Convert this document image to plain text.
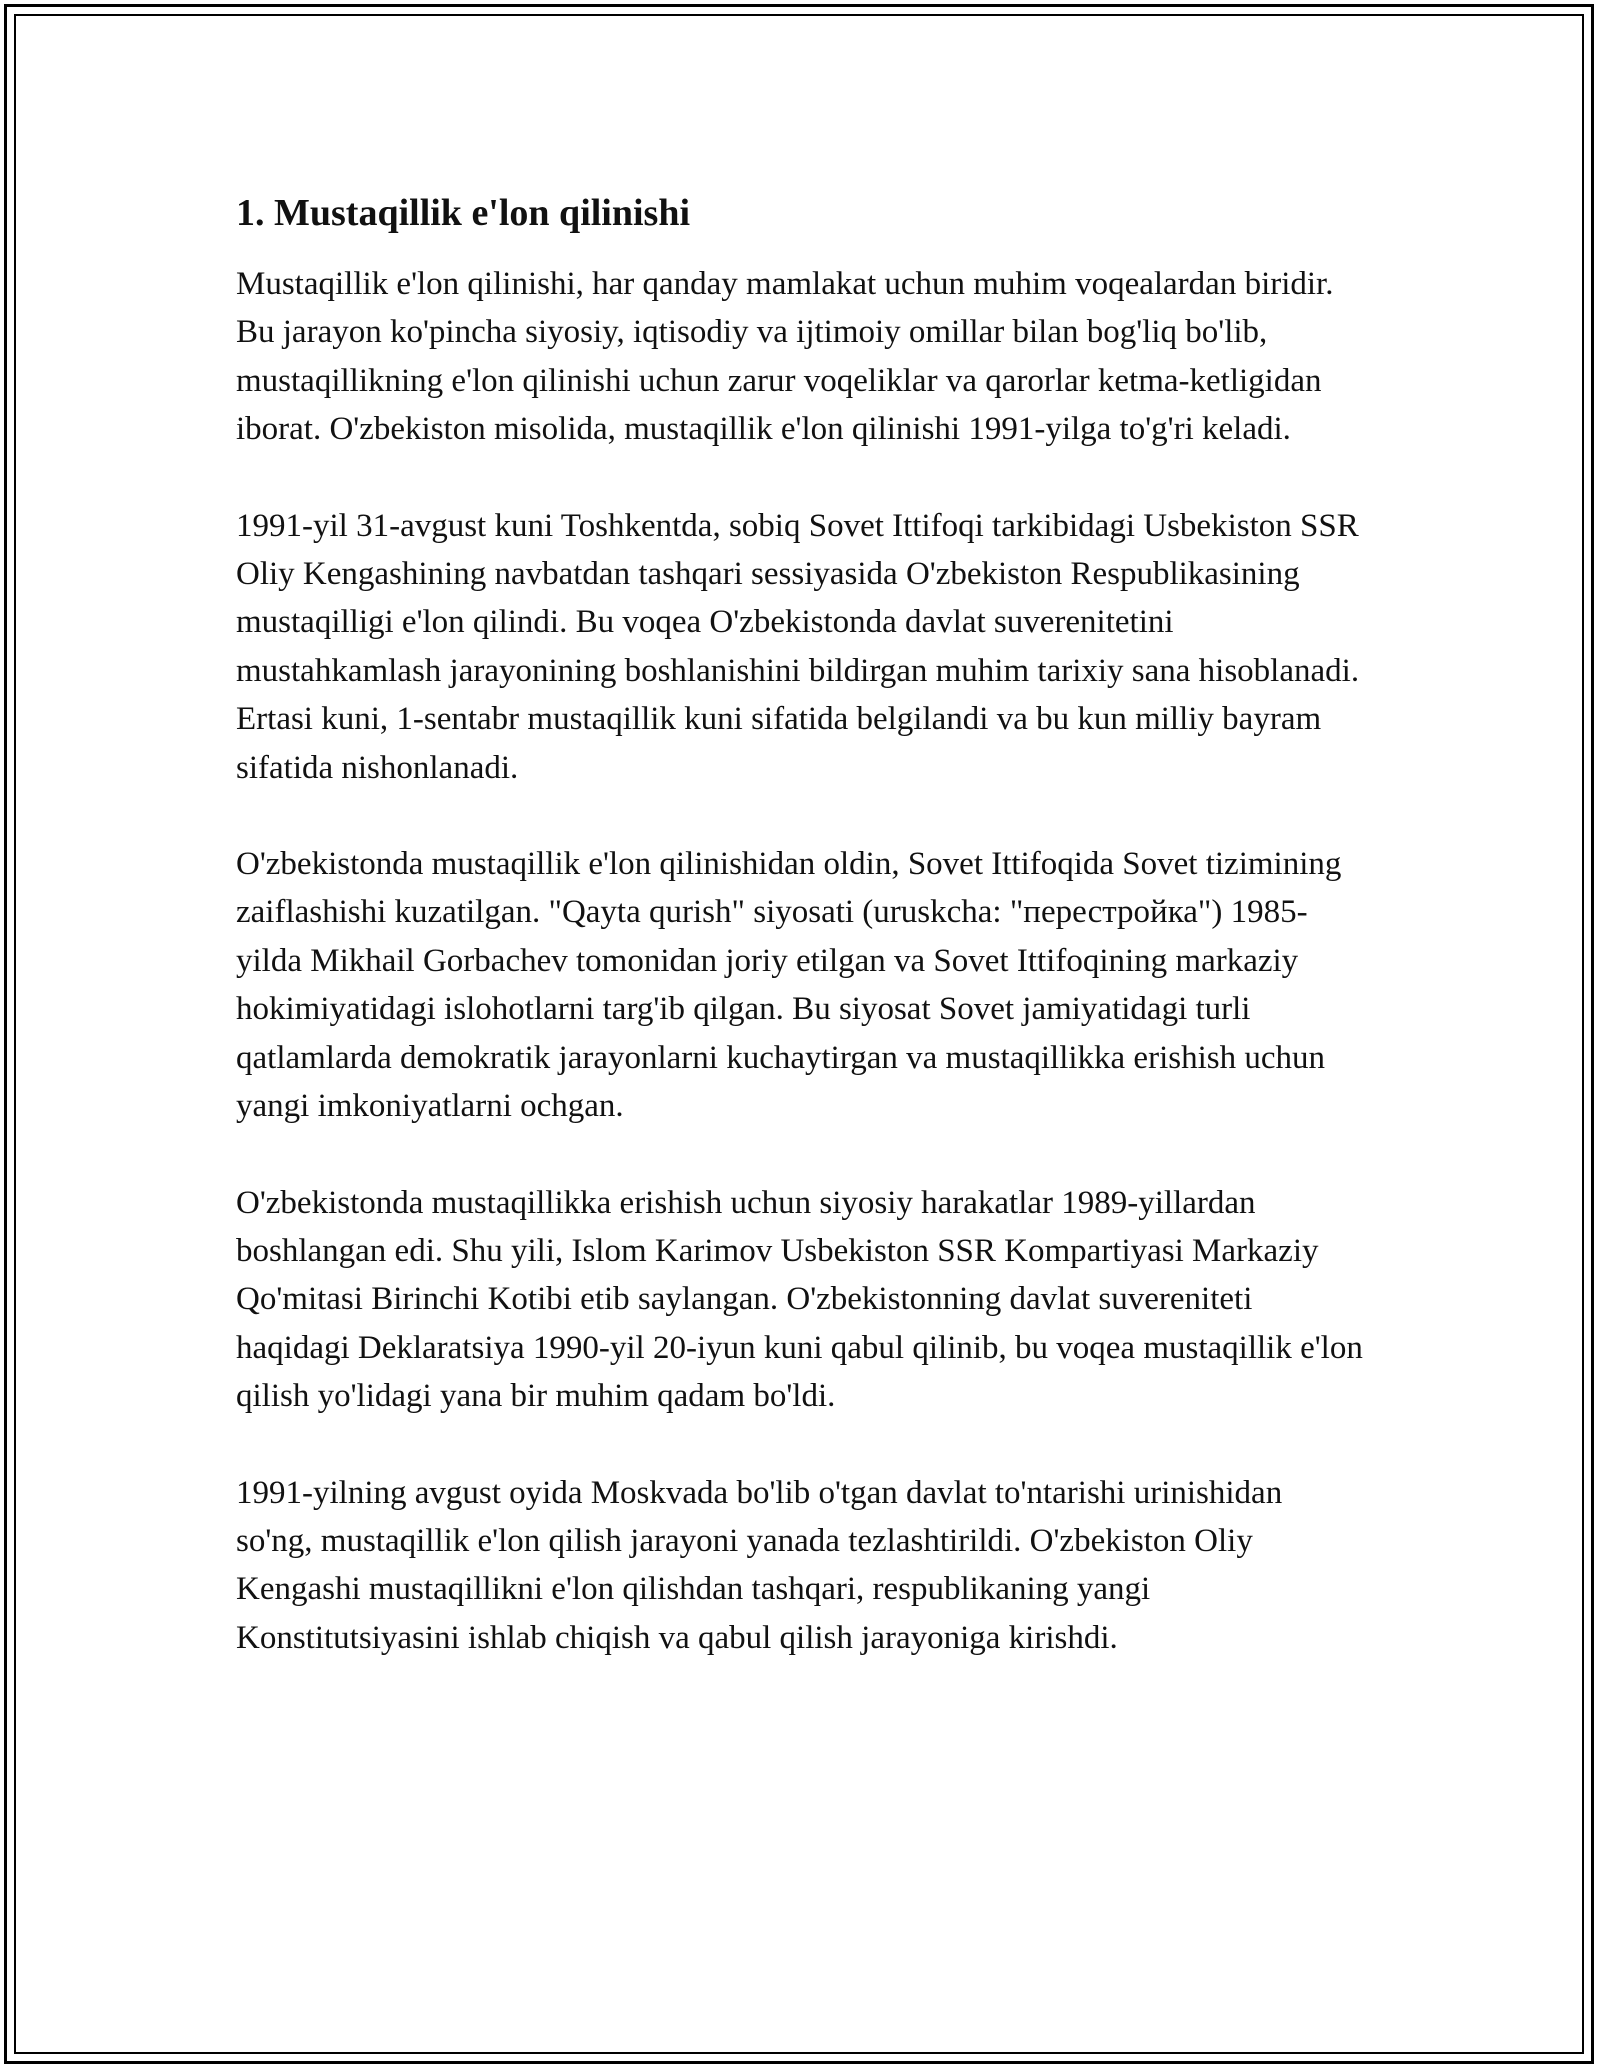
1. Mustaqillik e'lon qilinishi

Mustaqillik e'lon qilinishi, har qanday mamlakat uchun muhim voqealardan biridir. Bu jarayon ko'pincha siyosiy, iqtisodiy va ijtimoiy omillar bilan bog'liq bo'lib, mustaqillikning e'lon qilinishi uchun zarur voqeliklar va qarorlar ketma-ketligidan iborat. O'zbekiston misolida, mustaqillik e'lon qilinishi 1991-yilga to'g'ri keladi.

1991-yil 31-avgust kuni Toshkentda, sobiq Sovet Ittifoqi tarkibidagi Usbekiston SSR Oliy Kengashining navbatdan tashqari sessiyasida O'zbekiston Respublikasining mustaqilligi e'lon qilindi. Bu voqea O'zbekistonda davlat suverenitetini mustahkamlash jarayonining boshlanishini bildirgan muhim tarixiy sana hisoblanadi. Ertasi kuni, 1-sentabr mustaqillik kuni sifatida belgilandi va bu kun milliy bayram sifatida nishonlanadi.

O'zbekistonda mustaqillik e'lon qilinishidan oldin, Sovet Ittifoqida Sovet tizimining zaiflashishi kuzatilgan. "Qayta qurish" siyosati (uruskcha: "перестройка") 1985-yilda Mikhail Gorbachev tomonidan joriy etilgan va Sovet Ittifoqining markaziy hokimiyatidagi islohotlarni targ'ib qilgan. Bu siyosat Sovet jamiyatidagi turli qatlamlarda demokratik jarayonlarni kuchaytirgan va mustaqillikka erishish uchun yangi imkoniyatlarni ochgan.

O'zbekistonda mustaqillikka erishish uchun siyosiy harakatlar 1989-yillardan boshlangan edi. Shu yili, Islom Karimov Usbekiston SSR Kompartiyasi Markaziy Qo'mitasi Birinchi Kotibi etib saylangan. O'zbekistonning davlat suvereniteti haqidagi Deklaratsiya 1990-yil 20-iyun kuni qabul qilinib, bu voqea mustaqillik e'lon qilish yo'lidagi yana bir muhim qadam bo'ldi.

1991-yilning avgust oyida Moskvada bo'lib o'tgan davlat to'ntarishi urinishidan so'ng, mustaqillik e'lon qilish jarayoni yanada tezlashtirildi. O'zbekiston Oliy Kengashi mustaqillikni e'lon qilishdan tashqari, respublikaning yangi Konstitutsiyasini ishlab chiqish va qabul qilish jarayoniga kirishdi.
